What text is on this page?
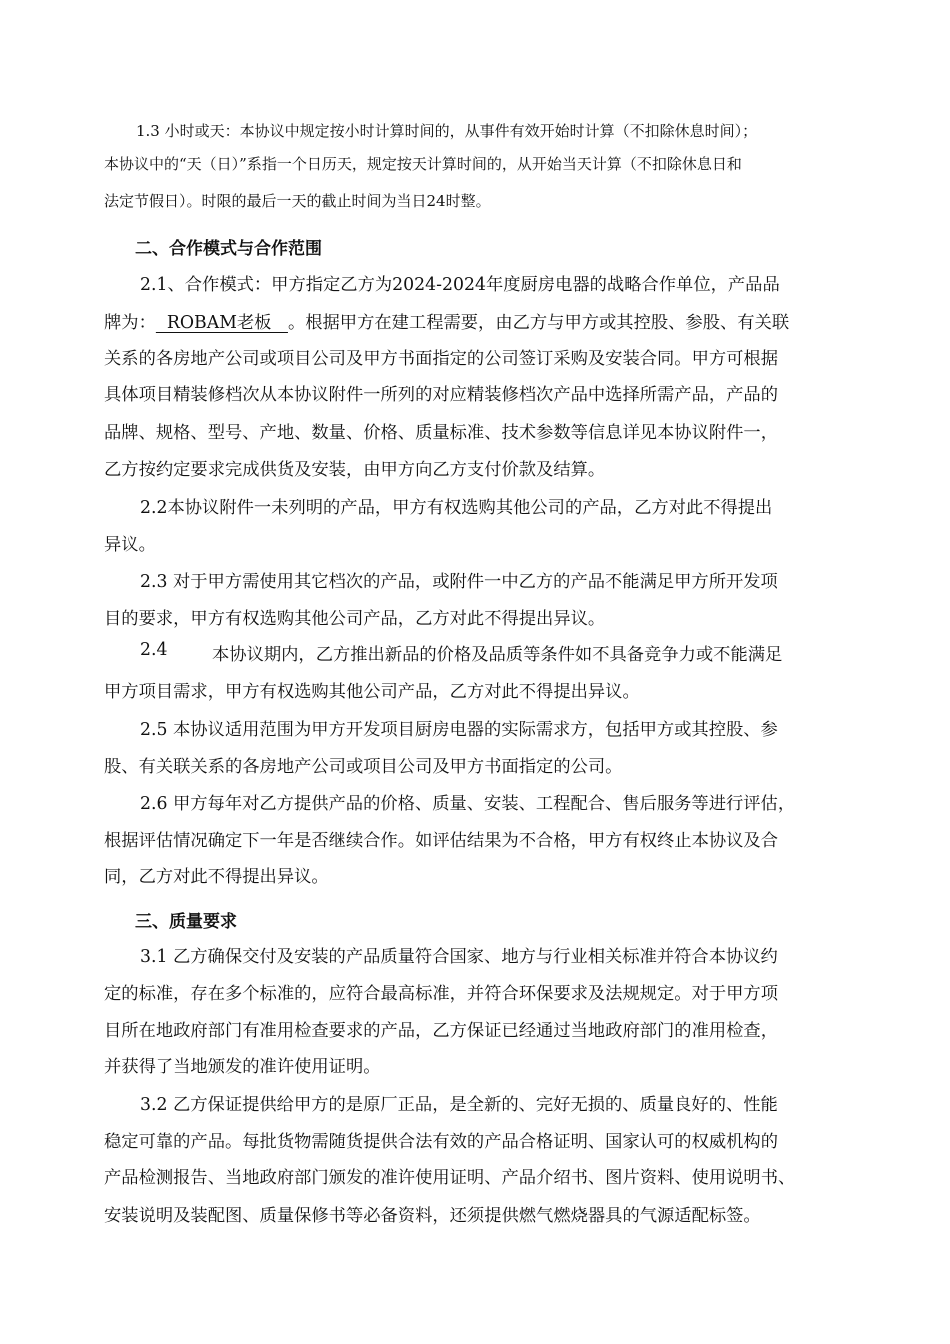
1.3 小时或天：本协议中规定按小时计算时间的，从事件有效开始时计算（不扣除休息时间）；

本协议中的“天（日）”系指一个日历天，规定按天计算时间的，从开始当天计算（不扣除休息日和

法定节假日）。时限的最后一天的截止时间为当日24时整。

二、合作模式与合作范围

2.1、合作模式：甲方指定乙方为2024-2024年度厨房电器的战略合作单位，产品品

牌为：  ROBAM老板   。根据甲方在建工程需要，由乙方与甲方或其控股、参股、有关联

关系的各房地产公司或项目公司及甲方书面指定的公司签订采购及安装合同。甲方可根据

具体项目精装修档次从本协议附件一所列的对应精装修档次产品中选择所需产品，产品的

品牌、规格、型号、产地、数量、价格、质量标准、技术参数等信息详见本协议附件一，

乙方按约定要求完成供货及安装，由甲方向乙方支付价款及结算。

2.2本协议附件一未列明的产品，甲方有权选购其他公司的产品，乙方对此不得提出

异议。

2.3 对于甲方需使用其它档次的产品，或附件一中乙方的产品不能满足甲方所开发项

目的要求，甲方有权选购其他公司产品，乙方对此不得提出异议。

2.4	本协议期内，乙方推出新品的价格及品质等条件如不具备竞争力或不能满足

甲方项目需求，甲方有权选购其他公司产品，乙方对此不得提出异议。

2.5 本协议适用范围为甲方开发项目厨房电器的实际需求方，包括甲方或其控股、参

股、有关联关系的各房地产公司或项目公司及甲方书面指定的公司。

2.6 甲方每年对乙方提供产品的价格、质量、安装、工程配合、售后服务等进行评估，

根据评估情况确定下一年是否继续合作。如评估结果为不合格，甲方有权终止本协议及合

同，乙方对此不得提出异议。

三、质量要求

3.1 乙方确保交付及安装的产品质量符合国家、地方与行业相关标准并符合本协议约

定的标准，存在多个标准的，应符合最高标准，并符合环保要求及法规规定。对于甲方项

目所在地政府部门有准用检查要求的产品，乙方保证已经通过当地政府部门的准用检查，

并获得了当地颁发的准许使用证明。

3.2 乙方保证提供给甲方的是原厂正品，是全新的、完好无损的、质量良好的、性能

稳定可靠的产品。每批货物需随货提供合法有效的产品合格证明、国家认可的权威机构的

产品检测报告、当地政府部门颁发的准许使用证明、产品介绍书、图片资料、使用说明书、

安装说明及装配图、质量保修书等必备资料，还须提供燃气燃烧器具的气源适配标签。
